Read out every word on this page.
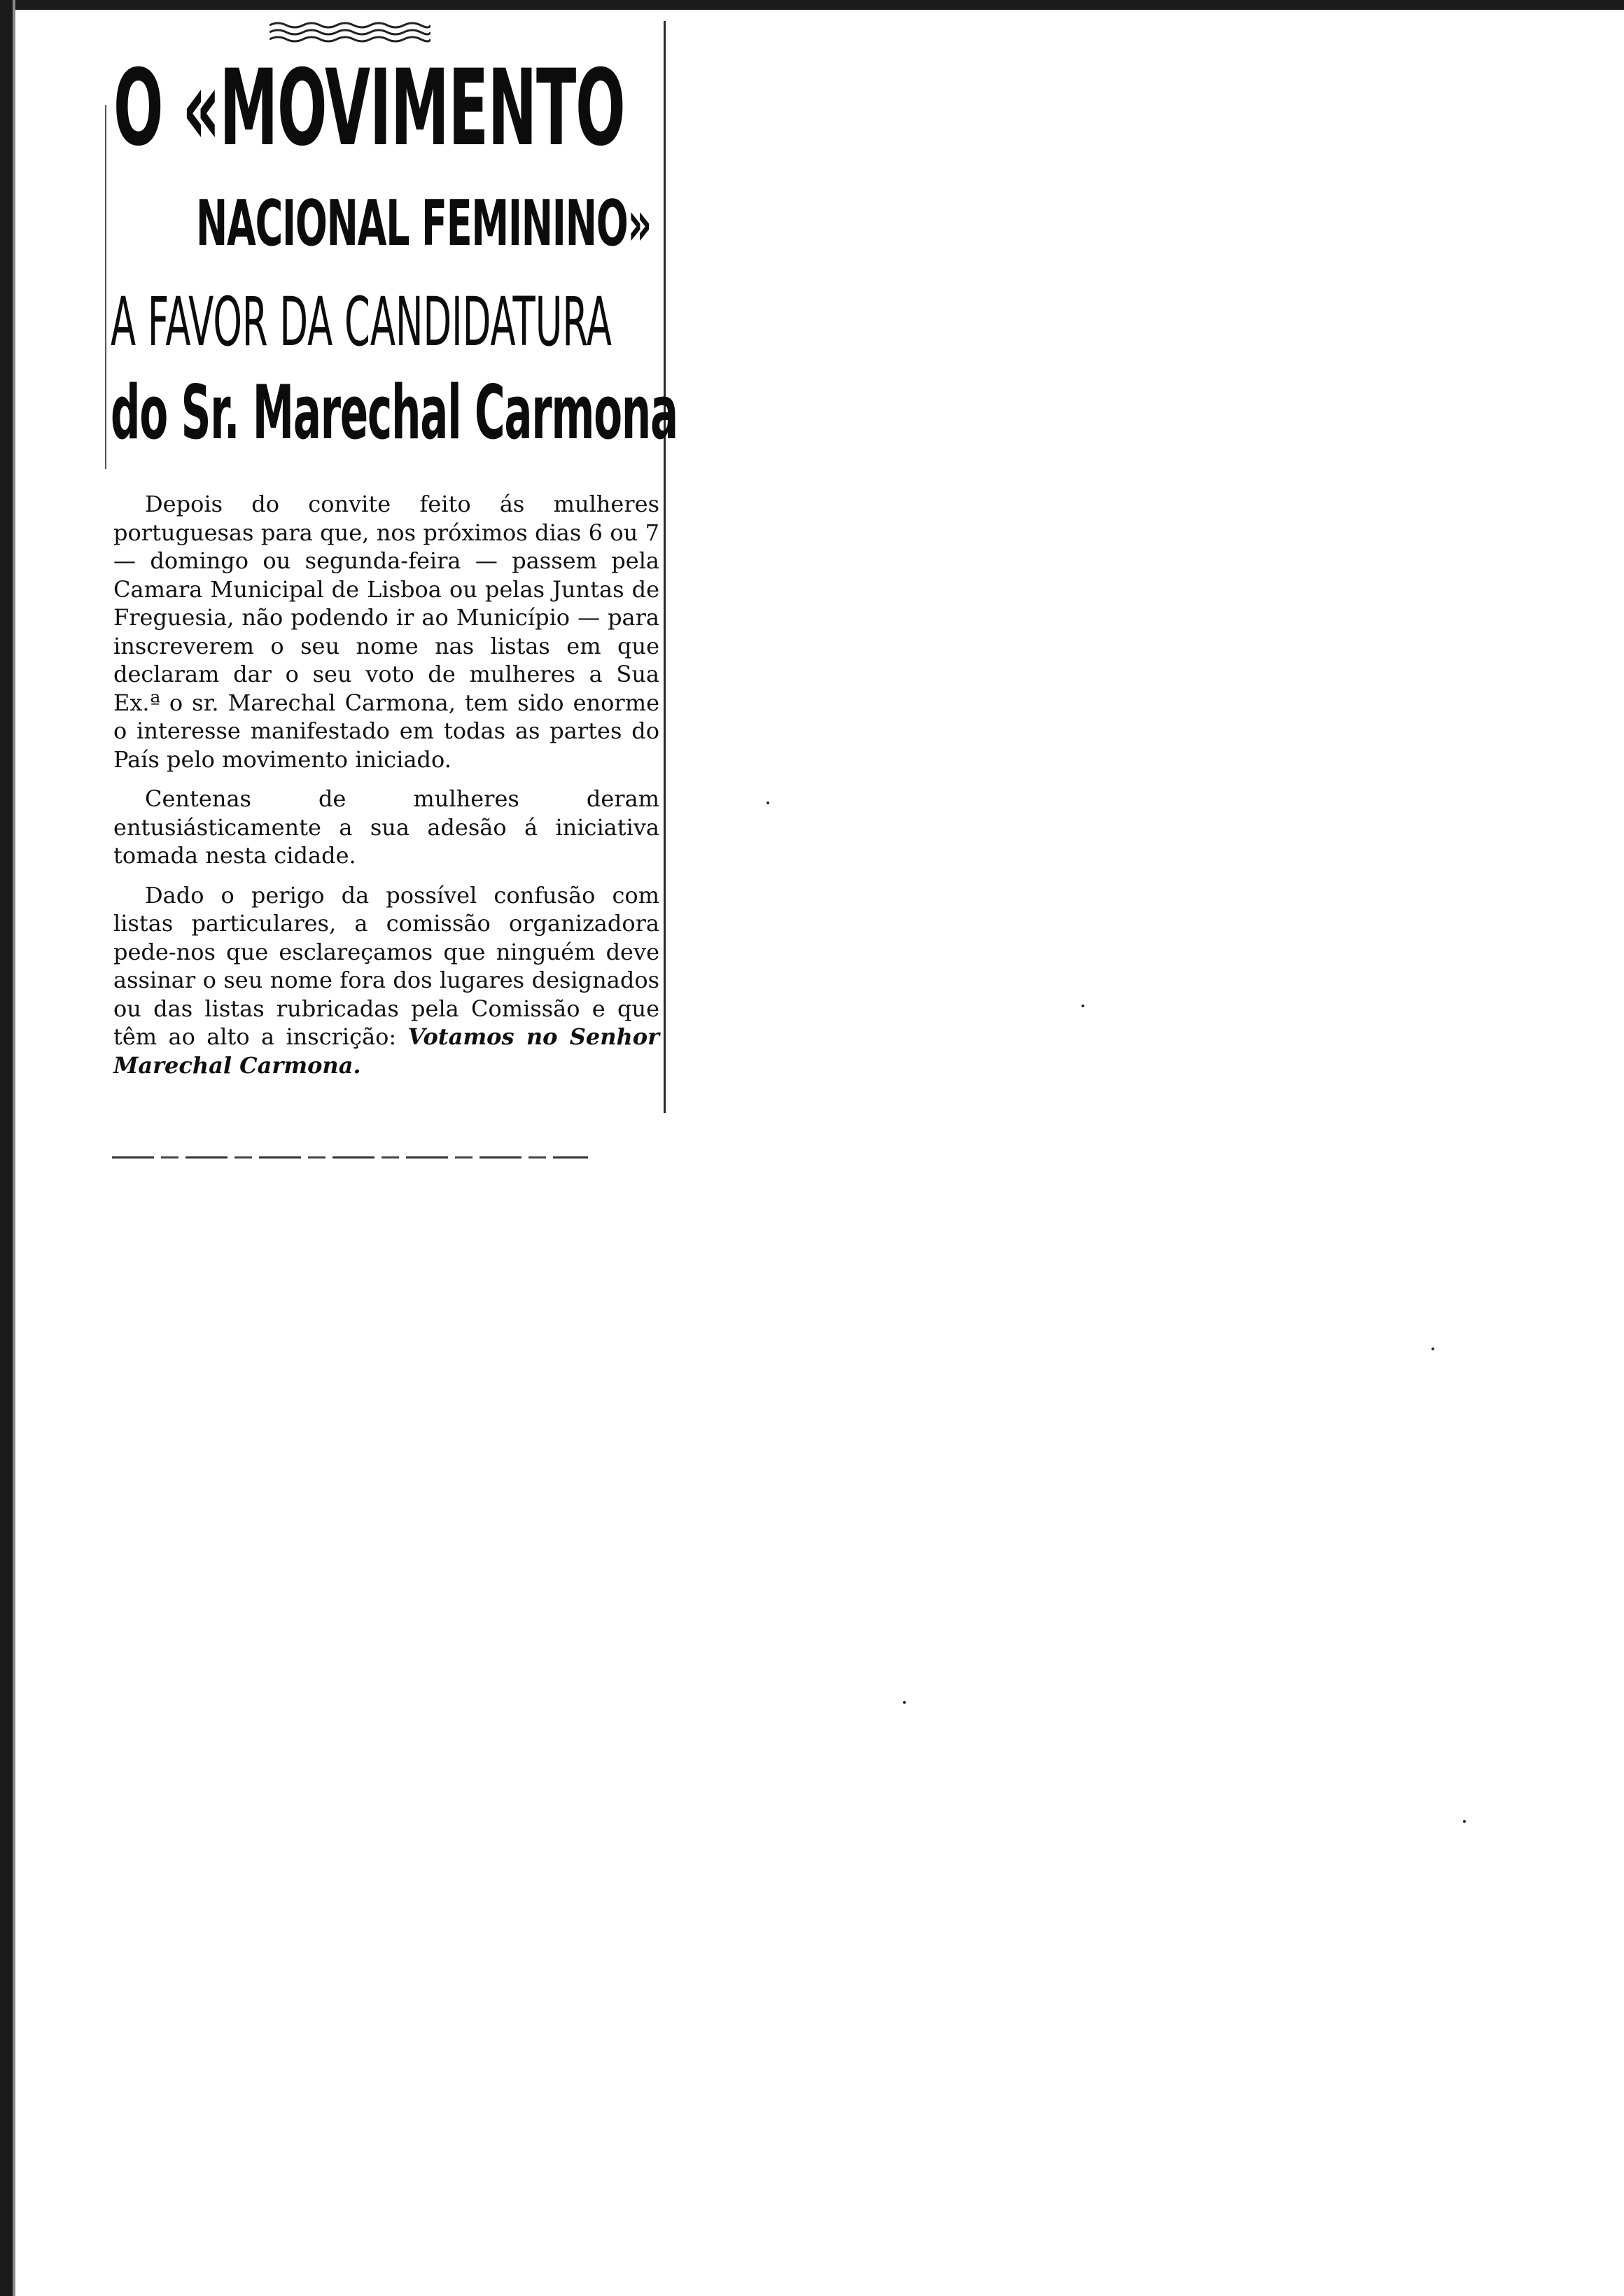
O «MOVIMENTO
NACIONAL FEMININO»
A FAVOR DA CANDIDATURA
do Sr. Marechal Carmona

Depois do convite feito ás mulheres portuguesas para que, nos próximos dias 6 ou 7 — domingo ou segunda-feira — passem pela Camara Municipal de Lisboa ou pelas Juntas de Freguesia, não podendo ir ao Município — para inscreverem o seu nome nas listas em que declaram dar o seu voto de mulheres a Sua Ex.ª o sr. Marechal Carmona, tem sido enorme o interesse manifestado em todas as partes do País pelo movimento iniciado.

Centenas de mulheres deram entusiásticamente a sua adesão á iniciativa tomada nesta cidade.

Dado o perigo da possível confusão com listas particulares, a comissão organizadora pede-nos que esclareçamos que ninguém deve assinar o seu nome fora dos lugares designados ou das listas rubricadas pela Comissão e que têm ao alto a inscrição: Votamos no Senhor Marechal Carmona.
